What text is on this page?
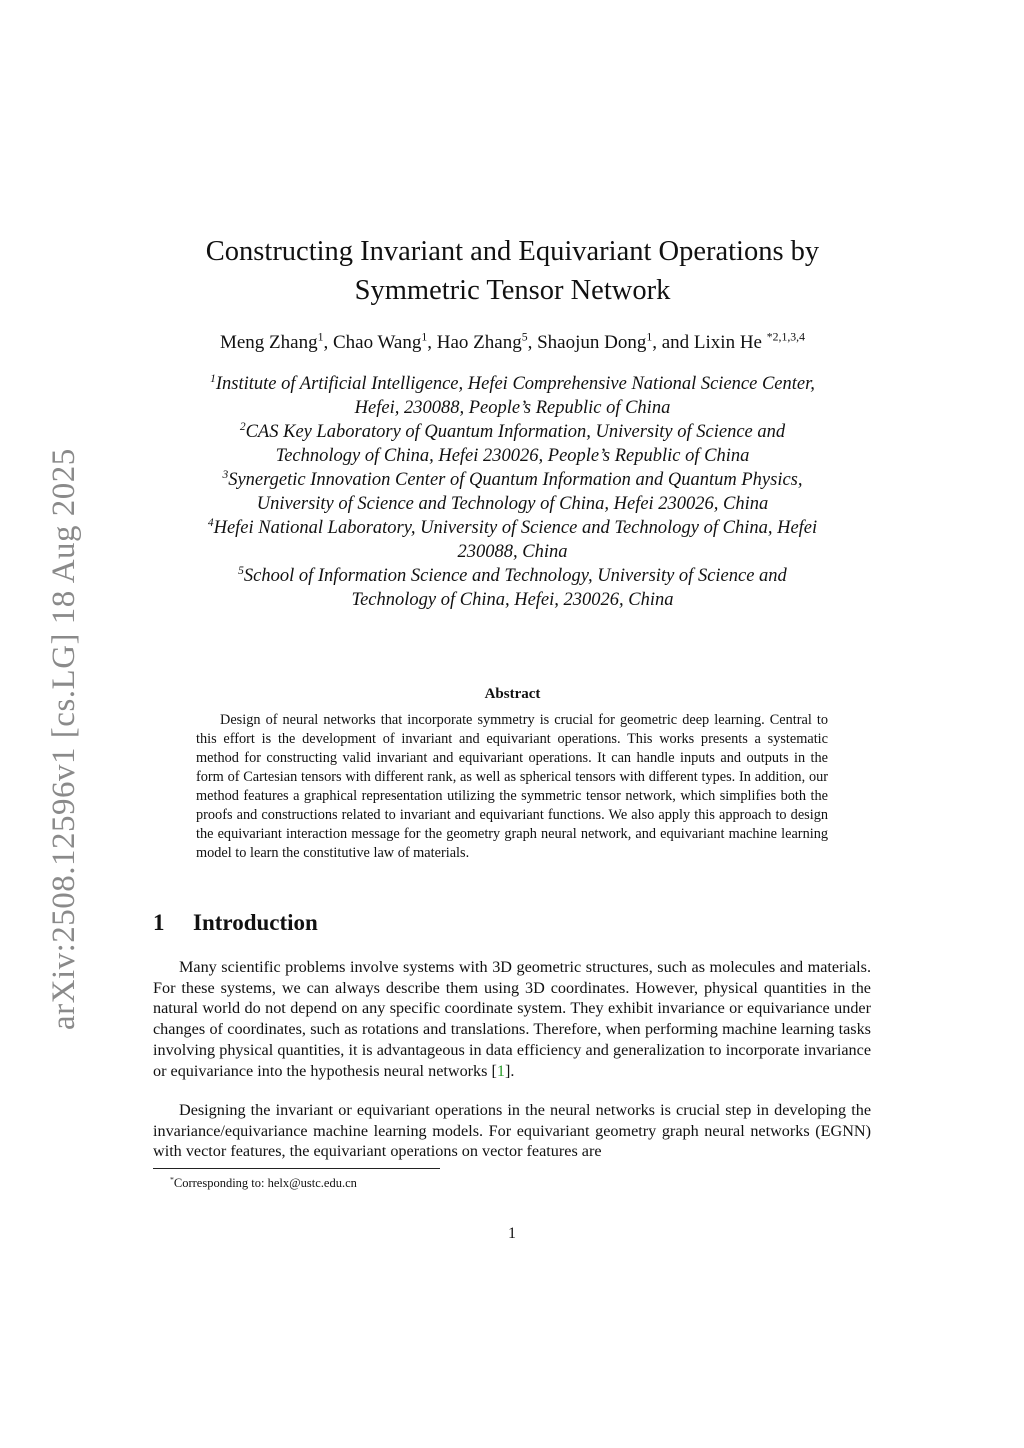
arXiv:2508.12596v1 [cs.LG] 18 Aug 2025
Constructing Invariant and Equivariant Operations by
Symmetric Tensor Network
Meng Zhang$^1$, Chao Wang$^1$, Hao Zhang$^5$, Shaojun Dong$^1$, and Lixin He $^{*2,1,3,4}$
$^1$Institute of Artificial Intelligence, Hefei Comprehensive National Science Center,
Hefei, 230088, People’s Republic of China
$^2$CAS Key Laboratory of Quantum Information, University of Science and
Technology of China, Hefei 230026, People’s Republic of China
$^3$Synergetic Innovation Center of Quantum Information and Quantum Physics,
University of Science and Technology of China, Hefei 230026, China
$^4$Hefei National Laboratory, University of Science and Technology of China, Hefei
230088, China
$^5$School of Information Science and Technology, University of Science and
Technology of China, Hefei, 230026, China
Abstract

Design of neural networks that incorporate symmetry is crucial for geometric deep learning. Central to this effort is the development of invariant and equivariant operations. This works presents a systematic method for constructing valid invariant and equivariant operations. It can handle inputs and outputs in the form of Cartesian tensors with different rank, as well as spherical tensors with different types. In addition, our method features a graphical representation utilizing the symmetric tensor network, which simplifies both the proofs and constructions related to invariant and equivariant functions. We also apply this approach to design the equivariant interaction message for the geometry graph neural network, and equivariant machine learning model to learn the constitutive law of materials.

1 Introduction

Many scientific problems involve systems with 3D geometric structures, such as molecules and materials. For these systems, we can always describe them using 3D coordinates. However, physical quantities in the natural world do not depend on any specific coordinate system. They exhibit invariance or equivariance under changes of coordinates, such as rotations and translations. Therefore, when performing machine learning tasks involving physical quantities, it is advantageous in data efficiency and generalization to incorporate invariance or equivariance into the hypothesis neural networks [1].

Designing the invariant or equivariant operations in the neural networks is crucial step in developing the invariance/equivariance machine learning models. For equivariant geometry graph neural networks (EGNN) with vector features, the equivariant operations on vector features are

*Corresponding to: helx@ustc.edu.cn
1
